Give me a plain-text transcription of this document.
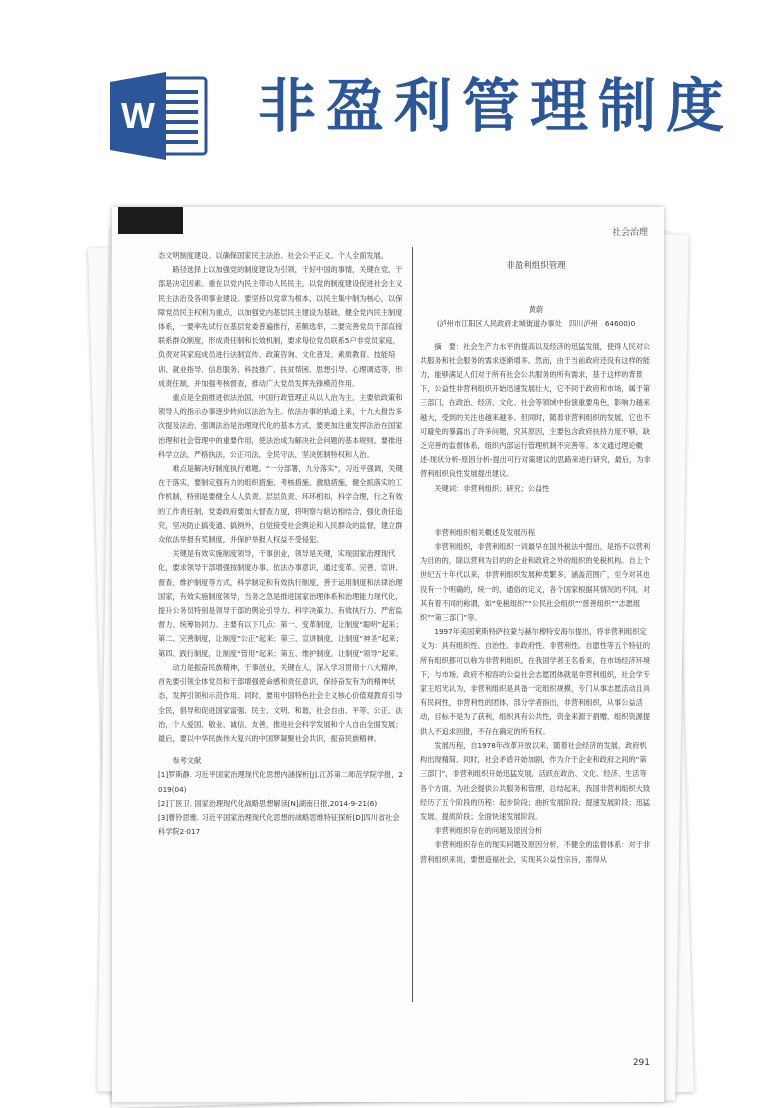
W 非盈利管理制度
社会治理

态文明制度建设、以确保国家民主法治、社会公平正义、个人全面发展。

路径选择上以加强党的制度建设为引领，干好中国的事情，关键在党，干部是决定因素。重在以党内民主带动人民民主，以党的制度建设促进社会主义民主法治及各项事业建设。要坚持以党章为根本，以民主集中制为核心，以保障党员民主权利为重点，以加强党内基层民主建设为基础，健全党内民主制度体系，一要率先试行在基层党委普遍推行，差额选举，二要完善党员干部直接联系群众制度，形成责任制和长效机制，要求每位党员联系5户非党员家庭，负责对其家庭成员进行法制宣传、政策咨询、文化普及、素质教育、技能培训、就业指导、信息服务、科技推广、扶贫帮困、思想引导、心理调适等，形成责任制，并加强考核督查，推动广大党员发挥先锋模范作用。

重点是全面推进依法治国，中国行政管理正从以人治为主，主要依政策和领导人的指示办事逐步转向以法治为主。依法办事的轨道上来，十九大报告多次提及法治，强调法治是治理现代化的基本方式，要更加注重发挥法治在国家治理和社会管理中的重要作用，使法治成为解决社会问题的基本规则。要推进科学立法，严格执法，公正司法，全民守法，坚决惩制特权和人治。

难点是解决好制度执行难题。“一分部署，九分落实”，习近平强调，关键在于落实，要制定强有力的组织措施、考核措施、激励措施，健全抓落实的工作机制，特别是要健全人人负责、层层负责、环环相扣，科学合理，行之有效的工作责任制，党委政府要加大督查力度，将明察与暗访相结合，强化责任追究，坚决防止搞变通、搞例外，自觉接受社会舆论和人民群众的监督，建立群众依法举报有奖制度，并保护举报人权益不受侵犯。

关键是有效实施制度领导，干事创业，领导是关键，实现国家治理现代化，要求领导干部增强按制度办事、依法办事意识，通过变革、完善、宣讲、督查、维护制度等方式，科学制定和有效执行制度，善于运用制度和法律治理国家，有效实施制度领导，当务之急是推进国家治理体系和治理能力现代化，提升公务员特别是领导干部的舆论引导力、科学决策力、有效执行力、严密监督力、统筹协同力。主要有以下几点：第一、变革制度，让制度“聪明”起来；第二、完善制度，让制度“公正”起来；第三、宣讲制度，让制度“神圣”起来；第四、践行制度，让制度“管用”起来；第五、维护制度，让制度“领导”起来。

动力是振奋民族精神，干事创业，关键在人，深入学习贯彻十八大精神，首先要引领全体党员和干部增强使命感和责任意识，保持奋发有为的精神状态，发挥引领和示范作用。同时，要用中国特色社会主义核心价值观教育引导全民，倡导和促进国家富强、民主、文明、和谐，社会自由、平等、公正、法治，个人爱国、敬业、诚信、友善，推进社会科学发展和个人自由全面发展；最后，要以中华民族伟大复兴的中国梦凝聚社会共识，振奋民族精神。

参考文献

[1]罗斯静. 习近平国家治理现代化思想内涵探析[J].江苏第二师范学院学报，2019(04)

[2]丁医卫. 国家治理现代化战略思想解读[N]湖南日报,2014-9-21(6)

[3]曹铃思雅. 习近平国家治理现代化思想的战略思维特征探析[D]四川省社会科学院2·017

非盈利组织管理

黄蔚

(泸州市江阳区人民政府北城街道办事处　四川泸州　64600)0

摘　要：社会生产力水平的提高以及经济的迅猛发展，使得人民对公共服务和社会服务的需求逐渐增多。然而，由于当前政府还没有这样的能力，能够满足人们对于所有社会公共服务的所有需求，基于这样的背景下，公益性非营利组织开始迅速发展壮大，它不同于政府和市场，属于第三部门，在政治、经济、文化、社会等领域中扮演重要角色，影响力越来越大，受到的关注也越来越多。但同时，随着非营利组织的发展，它也不可避免的暴露出了许多问题，究其原因，主要包含政府扶持力度不够，缺乏完善的监督体系，组织内部运行管理机制不完善等。本文通过理论概述-现状分析-原因分析-提出可行对策建议的思路来进行研究，最后，为非营利组织良性发展提出建议。

关键词：非营利组织；研究；公益性

非营利组织相关概述及发展历程

非营利组织，非营利组织一词最早在国外税法中提出，是指不以营利为目的的，除以营利为目的的企业和政府之外的组织的免税机构。自上个世纪五十年代以来，非营利组织发展种类繁多，涵盖范围广，至今对其也没有一个明确的，统一的，通俗的定义，各个国家根据其情况的不同，对其有着不同的称谓，如“免税组织”“公民社会组织”“慈善组织”“志愿组织”“第三部门”等。

1997年美国莱斯特萨拉蒙与赫尔穆特安海尔提出，将非营利组织定义为：具有组织性、自治性、非政府性、非营利性、自愿性等五个特征的所有组织都可以称为非营利组织。在我国学者王名看来，在市场经济环境下，与市场、政府不相容的公益社会志愿团体就是非营利组织，社会学专家王绍光认为，非营利组织是具备一定组织规模，专门从事志愿活动且具有民间性，非营利性的团体，部分学者指出，非营利组织，从事公益活动，目标不是为了获利，组织具有公共性，资金来源于捐赠，组织资源提供人不追求回报，不存在确定的所有权。

发展历程，自1978年改革开放以来，随着社会经济的发展，政府机构出现精简、同时，社会矛盾开始加剧，作为介于企业和政府之间的“第三部门”，非营利组织开始迅猛发展，活跃在政治、文化、经济、生活等各个方面，为社会提供公共服务和管理，总结起来，我国非营利组织大致经历了五个阶段的历程：起步阶段；曲折发展阶段；提速发展阶段；迅猛发展、提质阶段；全面快速发展阶段。

非营利组织存在的问题及原因分析

非营利组织存在的现实问题及原因分析，不健全的监督体系：对于非营利组织来说，要想造福社会，实现其公益性宗旨，需得从

291
